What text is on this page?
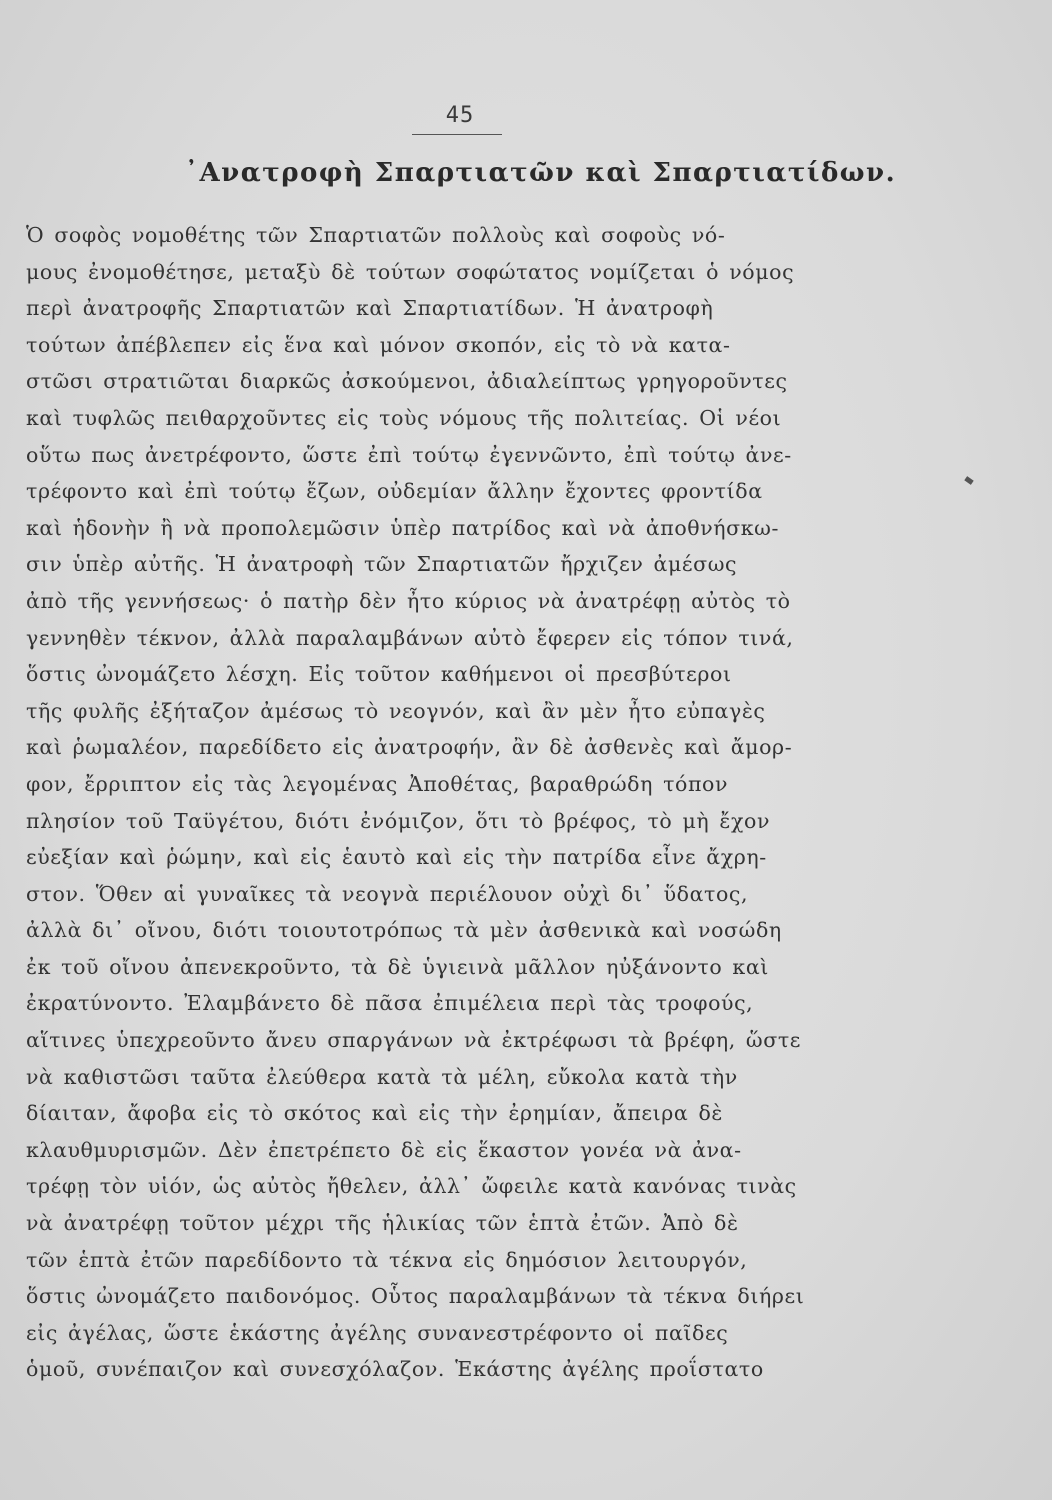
45
᾿Ανατροφὴ Σπαρτιατῶν καὶ Σπαρτιατίδων.
Ὁ σοφὸς νομοθέτης τῶν Σπαρτιατῶν πολλοὺς καὶ σοφοὺς νό-
μους ἐνομοθέτησε, μεταξὺ δὲ τούτων σοφώτατος νομίζεται ὁ νόμος
περὶ ἀνατροφῆς Σπαρτιατῶν καὶ Σπαρτιατίδων. Ἡ ἀνατροφὴ
τούτων ἀπέβλεπεν εἰς ἕνα καὶ μόνον σκοπόν, εἰς τὸ νὰ κατα-
στῶσι στρατιῶται διαρκῶς ἀσκούμενοι, ἀδιαλείπτως γρηγοροῦντες
καὶ τυφλῶς πειθαρχοῦντες εἰς τοὺς νόμους τῆς πολιτείας. Οἱ νέοι
οὕτω πως ἀνετρέφοντο, ὥστε ἐπὶ τούτῳ ἐγεννῶντο, ἐπὶ τούτῳ ἀνε-
τρέφοντο καὶ ἐπὶ τούτῳ ἔζων, οὐδεμίαν ἄλλην ἔχοντες φροντίδα
καὶ ἡδονὴν ἢ νὰ προπολεμῶσιν ὑπὲρ πατρίδος καὶ νὰ ἀποθνήσκω-
σιν ὑπὲρ αὐτῆς. Ἡ ἀνατροφὴ τῶν Σπαρτιατῶν ἤρχιζεν ἀμέσως
ἀπὸ τῆς γεννήσεως· ὁ πατὴρ δὲν ἦτο κύριος νὰ ἀνατρέφῃ αὐτὸς τὸ
γεννηθὲν τέκνον, ἀλλὰ παραλαμβάνων αὐτὸ ἔφερεν εἰς τόπον τινά,
ὅστις ὠνομάζετο λέσχη. Εἰς τοῦτον καθήμενοι οἱ πρεσβύτεροι
τῆς φυλῆς ἐξήταζον ἀμέσως τὸ νεογνόν, καὶ ἂν μὲν ἦτο εὐπαγὲς
καὶ ῥωμαλέον, παρεδίδετο εἰς ἀνατροφήν, ἂν δὲ ἀσθενὲς καὶ ἄμορ-
φον, ἔρριπτον εἰς τὰς λεγομένας Ἀποθέτας, βαραθρώδη τόπον
πλησίον τοῦ Ταϋγέτου, διότι ἐνόμιζον, ὅτι τὸ βρέφος, τὸ μὴ ἔχον
εὐεξίαν καὶ ῥώμην, καὶ εἰς ἑαυτὸ καὶ εἰς τὴν πατρίδα εἶνε ἄχρη-
στον. Ὅθεν αἱ γυναῖκες τὰ νεογνὰ περιέλουον οὐχὶ δι᾿ ὕδατος,
ἀλλὰ δι᾿ οἴνου, διότι τοιουτοτρόπως τὰ μὲν ἀσθενικὰ καὶ νοσώδη
ἐκ τοῦ οἴνου ἀπενεκροῦντο, τὰ δὲ ὑγιεινὰ μᾶλλον ηὐξάνοντο καὶ
ἐκρατύνοντο. Ἐλαμβάνετο δὲ πᾶσα ἐπιμέλεια περὶ τὰς τροφούς,
αἵτινες ὑπεχρεοῦντο ἄνευ σπαργάνων νὰ ἐκτρέφωσι τὰ βρέφη, ὥστε
νὰ καθιστῶσι ταῦτα ἐλεύθερα κατὰ τὰ μέλη, εὔκολα κατὰ τὴν
δίαιταν, ἄφοβα εἰς τὸ σκότος καὶ εἰς τὴν ἐρημίαν, ἄπειρα δὲ
κλαυθμυρισμῶν. Δὲν ἐπετρέπετο δὲ εἰς ἕκαστον γονέα νὰ ἀνα-
τρέφῃ τὸν υἱόν, ὡς αὐτὸς ἤθελεν, ἀλλ᾿ ὤφειλε κατὰ κανόνας τινὰς
νὰ ἀνατρέφῃ τοῦτον μέχρι τῆς ἡλικίας τῶν ἑπτὰ ἐτῶν. Ἀπὸ δὲ
τῶν ἑπτὰ ἐτῶν παρεδίδοντο τὰ τέκνα εἰς δημόσιον λειτουργόν,
ὅστις ὠνομάζετο παιδονόμος. Οὗτος παραλαμβάνων τὰ τέκνα διήρει
εἰς ἀγέλας, ὥστε ἑκάστης ἀγέλης συνανεστρέφοντο οἱ παῖδες
ὁμοῦ, συνέπαιζον καὶ συνεσχόλαζον. Ἑκάστης ἀγέλης προΐστατο
